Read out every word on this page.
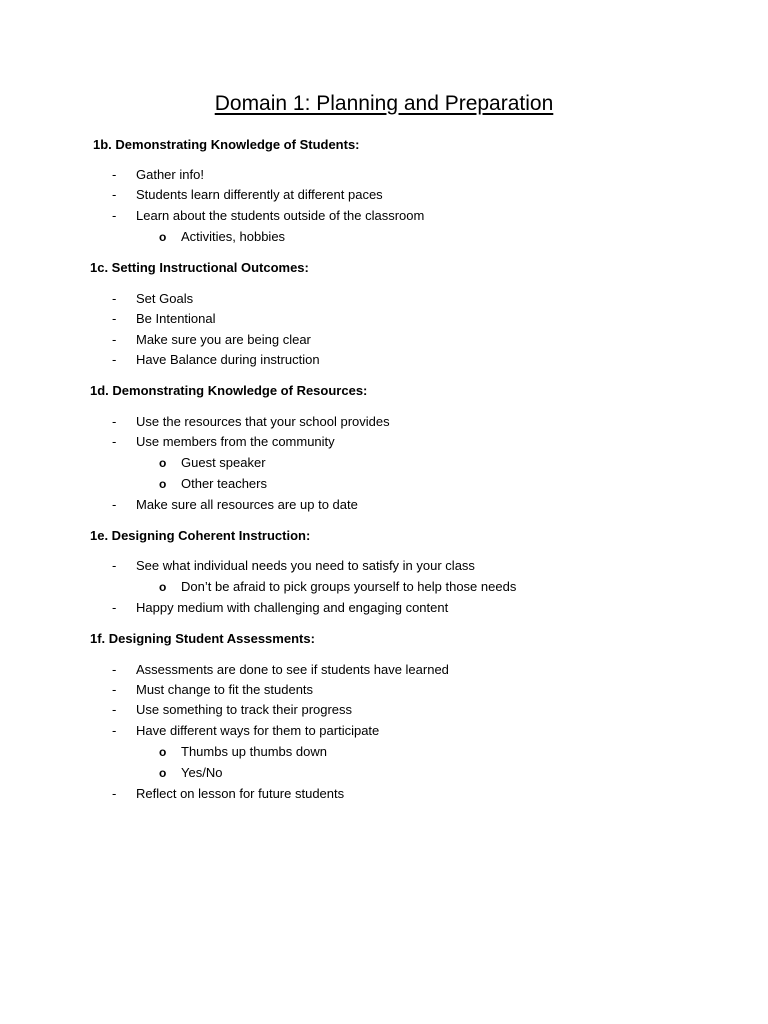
Domain 1: Planning and Preparation
1b. Demonstrating Knowledge of Students:
- Gather info!
- Students learn differently at different paces
- Learn about the students outside of the classroom
o Activities, hobbies
1c. Setting Instructional Outcomes:
- Set Goals
- Be Intentional
- Make sure you are being clear
- Have Balance during instruction
1d. Demonstrating Knowledge of Resources:
- Use the resources that your school provides
- Use members from the community
o Guest speaker
o Other teachers
- Make sure all resources are up to date
1e. Designing Coherent Instruction:
- See what individual needs you need to satisfy in your class
o Don’t be afraid to pick groups yourself to help those needs
- Happy medium with challenging and engaging content
1f. Designing Student Assessments:
- Assessments are done to see if students have learned
- Must change to fit the students
- Use something to track their progress
- Have different ways for them to participate
o Thumbs up thumbs down
o Yes/No
- Reflect on lesson for future students
